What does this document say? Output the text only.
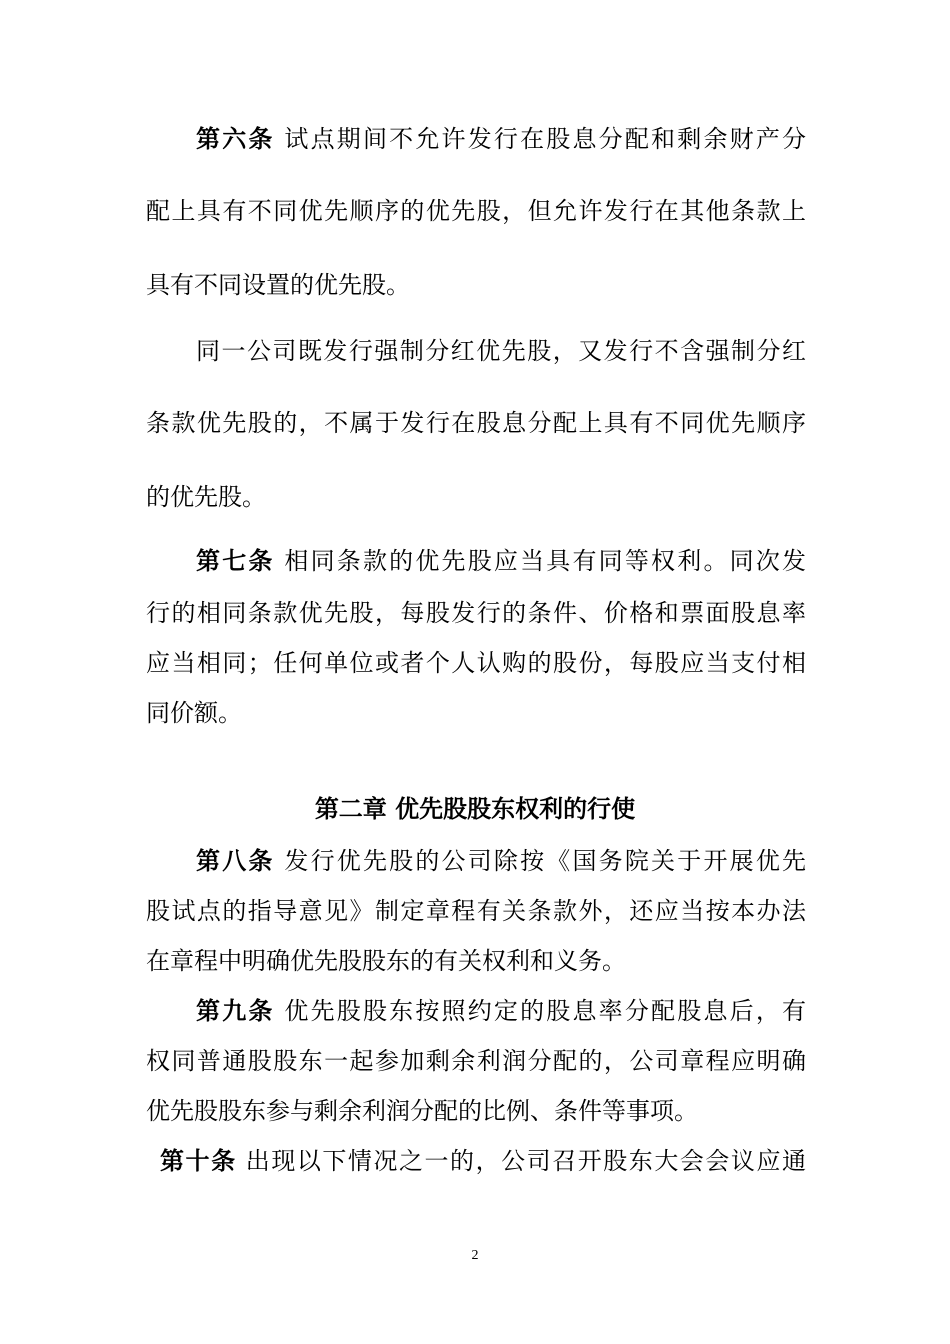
第六条 试点期间不允许发行在股息分配和剩余财产分

配上具有不同优先顺序的优先股，但允许发行在其他条款上

具有不同设置的优先股。

同一公司既发行强制分红优先股，又发行不含强制分红

条款优先股的，不属于发行在股息分配上具有不同优先顺序

的优先股。

第七条 相同条款的优先股应当具有同等权利。同次发

行的相同条款优先股，每股发行的条件、价格和票面股息率

应当相同；任何单位或者个人认购的股份，每股应当支付相

同价额。

第二章 优先股股东权利的行使

第八条 发行优先股的公司除按《国务院关于开展优先

股试点的指导意见》制定章程有关条款外，还应当按本办法

在章程中明确优先股股东的有关权利和义务。

第九条 优先股股东按照约定的股息率分配股息后，有

权同普通股股东一起参加剩余利润分配的，公司章程应明确

优先股股东参与剩余利润分配的比例、条件等事项。

第十条 出现以下情况之一的，公司召开股东大会会议应通

2
